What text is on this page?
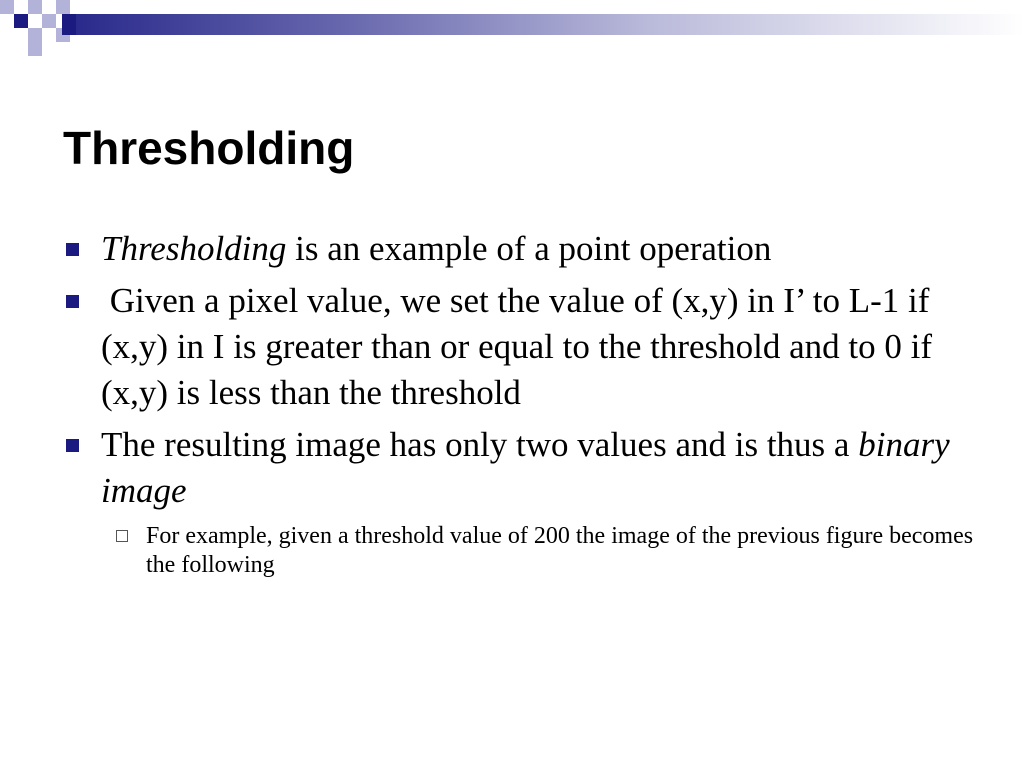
Thresholding
Thresholding is an example of a point operation
Given a pixel value, we set the value of (x,y) in I’ to L-1 if (x,y) in I is greater than or equal to the threshold and to 0 if (x,y) is less than the threshold
The resulting image has only two values and is thus a binary image
For example, given a threshold value of 200 the image of the previous figure becomes the following
